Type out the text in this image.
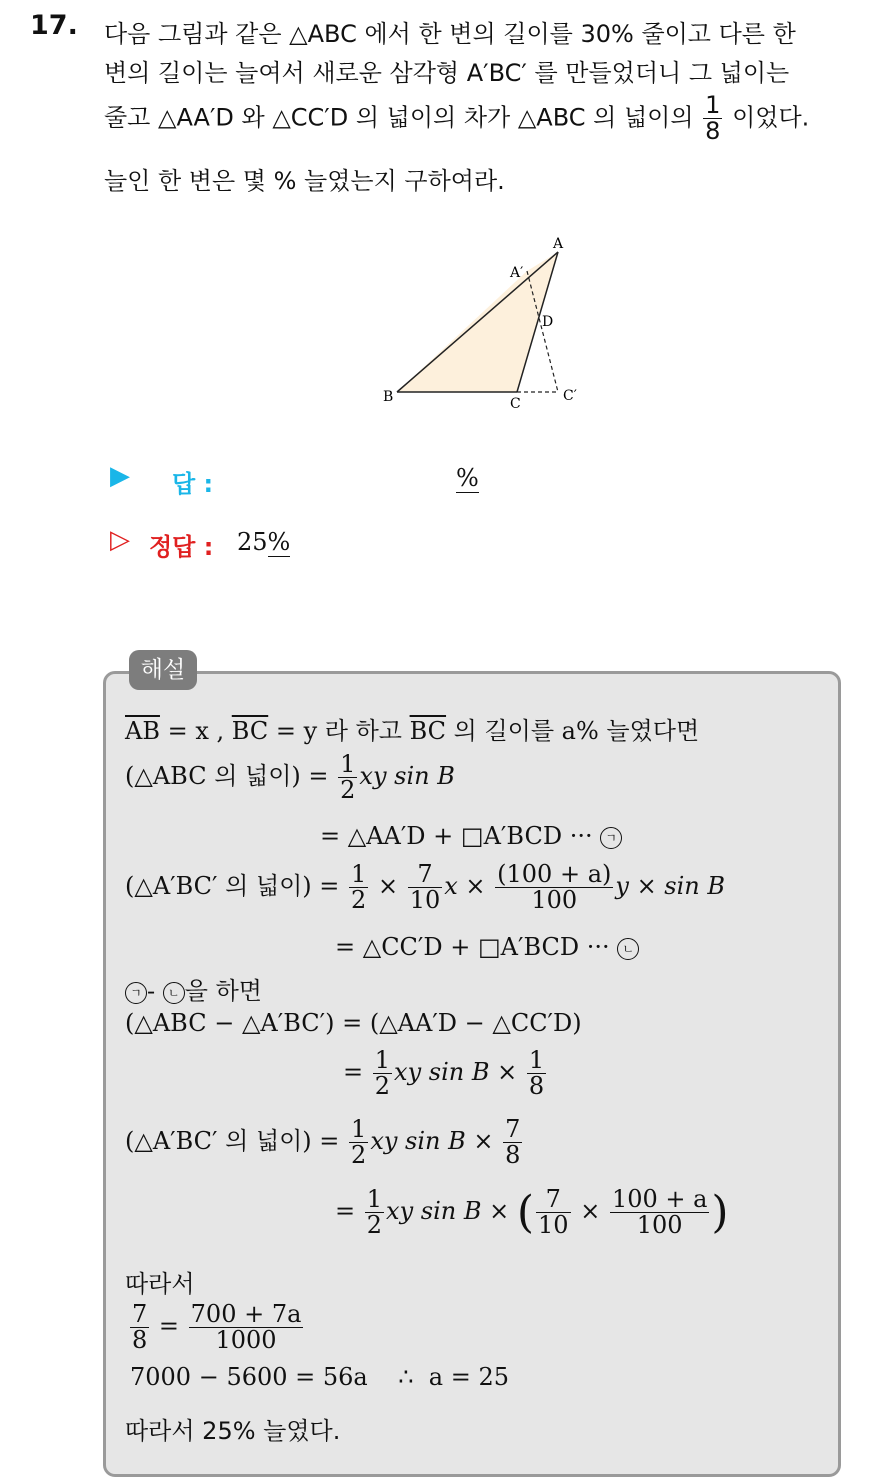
17. 다음 그림과 같은 △ABC 에서 한 변의 길이를 30% 줄이고 다른 한
변의 길이는 늘여서 새로운 삼각형 A′BC′ 를 만들었더니 그 넓이는
줄고 △AA′D 와 △CC′D 의 넓이의 차가 △ABC 의 넓이의 $\frac{1}{8}$ 이었다.
늘인 한 변은 몇 % 늘였는지 구하여라.
A
A′
D
B	C	C′
▶ 답 :	%
▷ 정답 : 25%
해설
$\overline{AB} = x$ , $\overline{BC} = y$ 라 하고 $\overline{BC}$ 의 길이를 a% 늘였다면
(△ABC 의 넓이) = $\frac{1}{2}$ xy sin B
= △AA′D + □A′BCD ··· ㄱ
(△A′BC′ 의 넓이) = $\frac{1}{2} \times \frac{7}{10}$ $x \times \frac{(100 + a)}{100}$ y × sin B
= △CC′D + □A′BCD ··· ㄴ
ㄱ - ㄴ 을 하면
(△ABC − △A′BC′) = (△AA′D − △CC′D)
= $\frac{1}{2}$ xy $\sin B \times \frac{1}{8}$
(△A′BC′ 의 넓이) = $\frac{1}{2}$ xy $\sin B \times \frac{7}{8}$
= $\frac{1}{2}$ xy sin B × ( $\frac{7}{10} \times \frac{100 + a}{100}$ )
따라서
$\frac{7}{8} = \frac{700 + 7a}{1000}$
7000 − 5600 = 56a    ∴  a = 25
따라서 25% 늘였다.
